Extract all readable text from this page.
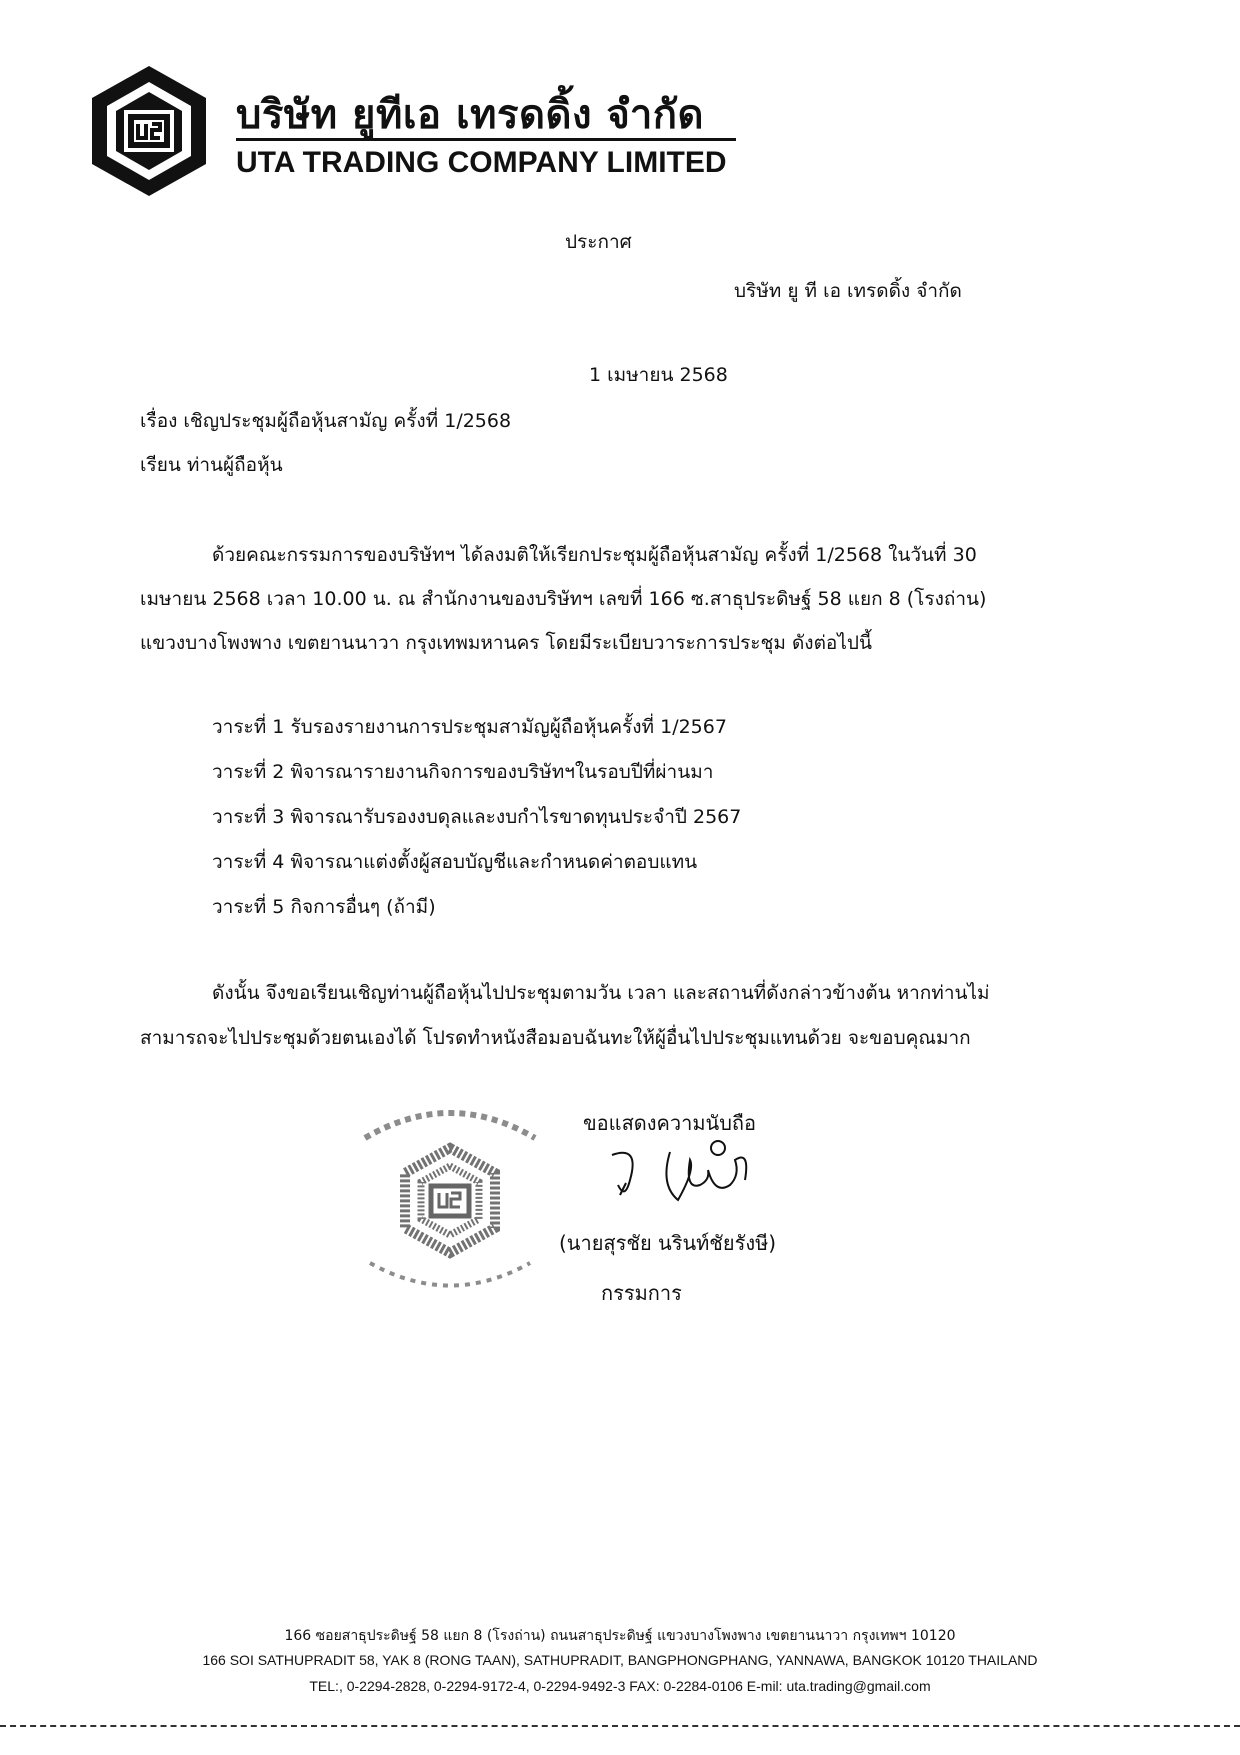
บริษัท ยูทีเอ เทรดดิ้ง จำกัด
UTA TRADING COMPANY LIMITED
ประกาศ
บริษัท ยู ที เอ เทรดดิ้ง จำกัด
1 เมษายน 2568
เรื่อง เชิญประชุมผู้ถือหุ้นสามัญ ครั้งที่ 1/2568
เรียน ท่านผู้ถือหุ้น
ด้วยคณะกรรมการของบริษัทฯ ได้ลงมติให้เรียกประชุมผู้ถือหุ้นสามัญ ครั้งที่ 1/2568 ในวันที่ 30
เมษายน 2568 เวลา 10.00 น. ณ สำนักงานของบริษัทฯ เลขที่ 166 ซ.สาธุประดิษฐ์ 58 แยก 8 (โรงถ่าน)
แขวงบางโพงพาง เขตยานนาวา กรุงเทพมหานคร โดยมีระเบียบวาระการประชุม ดังต่อไปนี้
วาระที่ 1 รับรองรายงานการประชุมสามัญผู้ถือหุ้นครั้งที่ 1/2567
วาระที่ 2 พิจารณารายงานกิจการของบริษัทฯในรอบปีที่ผ่านมา
วาระที่ 3 พิจารณารับรองงบดุลและงบกำไรขาดทุนประจำปี 2567
วาระที่ 4 พิจารณาแต่งตั้งผู้สอบบัญชีและกำหนดค่าตอบแทน
วาระที่ 5 กิจการอื่นๆ (ถ้ามี)
ดังนั้น จึงขอเรียนเชิญท่านผู้ถือหุ้นไปประชุมตามวัน เวลา และสถานที่ดังกล่าวข้างต้น หากท่านไม่
สามารถจะไปประชุมด้วยตนเองได้ โปรดทำหนังสือมอบฉันทะให้ผู้อื่นไปประชุมแทนด้วย จะขอบคุณมาก
ขอแสดงความนับถือ
(นายสุรชัย นรินท์ชัยรังษี)
กรรมการ
166 ซอยสาธุประดิษฐ์ 58 แยก 8 (โรงถ่าน) ถนนสาธุประดิษฐ์ แขวงบางโพงพาง เขตยานนาวา กรุงเทพฯ 10120
166 SOI SATHUPRADIT 58, YAK 8 (RONG TAAN), SATHUPRADIT, BANGPHONGPHANG, YANNAWA, BANGKOK 10120 THAILAND
TEL:, 0-2294-2828, 0-2294-9172-4, 0-2294-9492-3 FAX: 0-2284-0106 E-mil: uta.trading@gmail.com
